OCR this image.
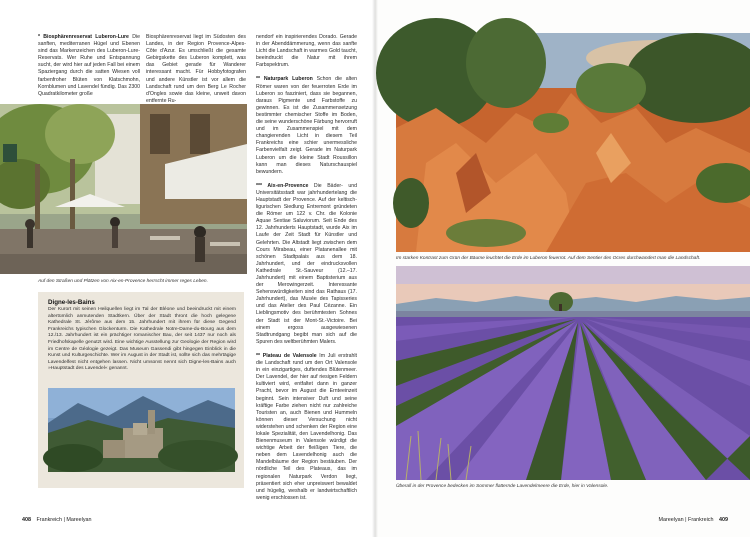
* Biosphärenreservat Luberon-Lure Die sanften, mediterranen Hügel und Ebenen sind das Markenzeichen des Luberon-Lure-Reservats. Wer Ruhe und Entspannung sucht, der wird hier auf jeden Fall bei einem Spaziergang durch die satten Wiesen voll farbenfroher Blüten von Klatschmohn, Kornblumen und Lavendel fündig. Das 2300 Quadratkilometer große

Biosphärenreservat liegt im Südosten des Landes, in der Region Provence-Alpes-Côte d'Azur. Es umschließt die gesamte Gebirgskette des Luberon komplett, was das Gebiet gerade für Wanderer interessant macht. Für Hobbyfotografen und andere Künstler ist vor allem die Landschaft rund um den Berg Le Rocher d'Ongles sowie das kleine, unweit davon entfernte Ru-

Auf den Straßen und Plätzen von Aix-en-Provence herrscht immer reges Leben.
Digne-les-Bains
Der Kurort mit seinen Heilquellen liegt im Tal der Bléone und beeindruckt mit einem altertümlich anmutenden Stadtkern. Über der Stadt thront die hoch gelegene Kathedrale St. Jérôme aus dem 15. Jahrhundert mit ihrem für diese Gegend Frankreichs typischen Glockenturm. Die Kathedrale Notre-Dame-du-Bourg aus dem 12./13. Jahrhundert ist ein prächtiger romanischer Bau, der seit 1437 nur noch als Friedhofskapelle genutzt wird. Eine wichtige Ausstellung zur Geologie der Region wird im Centre de Géologie gezeigt. Das Museum Gassendi gibt hingegen Einblick in die Kunst und Kulturgeschichte. Wer im August in der Stadt ist, sollte sich das mehrtägige Lavendelfest nicht entgehen lassen. Nicht umsonst nennt sich Digne-les-Bains auch »Hauptstadt des Lavendel« genannt.

nendorf ein inspirierendes Dorado. Gerade in der Abenddämmerung, wenn das sanfte Licht die Landschaft in warmes Gold taucht, beeindruckt die Natur mit ihrem Farbspektrum.

** Naturpark Luberon Schon die alten Römer waren von der feuerroten Erde im Luberon so fasziniert, dass sie begannen, daraus Pigmente und Farbstoffe zu gewinnen. Es ist die Zusammensetzung bestimmter chemischer Stoffe im Boden, die seine wunderschöne Färbung hervorruft und im Zusammenspiel mit dem changierenden Licht in diesem Teil Frankreichs eine schier unermessliche Farbenvielfalt zeigt. Gerade im Naturpark Luberon um die kleine Stadt Roussillon kann man dieses Naturschauspiel bewundern.

*** Aix-en-Provence Die Bäder- und Universitätsstadt war jahrhundertelang die Hauptstadt der Provence. Auf der keltisch-ligurischen Siedlung Entremont gründeten die Römer um 122 v. Chr. die Kolonie Aquae Sextiae Saluviorum. Seit Ende des 12. Jahrhunderts Hauptstadt, wurde Aix im Laufe der Zeit Stadt für Künstler und Gelehrten. Die Altstadt liegt zwischen dem Cours Mirabeau, einer Platanenallee mit schönen Stadtpalais aus dem 18. Jahrhundert, und der eindrucksvollen Kathedrale St.-Sauveur (12.–17. Jahrhundert) mit einem Baptisterium aus der Merowingerzeit. Interessante Sehenswürdigkeiten sind das Rathaus (17. Jahrhundert), das Musée des Tapisseries und das Atelier des Paul Cézanne. Ein Lieblingsmotiv des berühmtesten Sohnes der Stadt ist der Mont-St.-Victoire. Bei einem ergoss ausgewiesenen Stadtrundgang begibt man sich auf die Spuren des weltberühmten Malers.

** Plateau de Valensole Im Juli erstrahlt die Landschaft rund um den Ort Valensole in ein einzigartiges, duftendes Blütenmeer. Der Lavendel, der hier auf riesigen Feldern kultiviert wird, entfaltet dann in ganzer Pracht, bevor im August die Ernteeinzeit beginnt. Sein intensiver Duft und seine kräftige Farbe ziehen nicht nur zahlreiche Touristen an, auch Bienen und Hummeln können dieser Versuchung nicht widerstehen und schenken der Region eine lokale Spezialität, den Lavendelhonig. Das Bienenmuseum in Valensole würdigt die wichtige Arbeit der fleißigen Tiere, die neben dem Lavendelhonig auch die Mandelbäume der Region bestäuben. Der nördliche Teil des Plateaus, das im regionalen Naturpark Verdon liegt, präsentiert sich eher unpreiswert bewaldet und hügelig, weshalb er landwirtschaftlich wenig erschlossen ist.

408 Frankreich | Mareelyan
Im starken Kontrast zum Grün der Bäume leuchtet die Erde im Luberon feuerrot. Auf dem Sentier des Ocres durchwandert man die Landschaft.
Überall in der Provence bedecken im Sommer flatternde Lavendelmeere die Erde, hier in Valensole.
Mareelyan | Frankreich 409
